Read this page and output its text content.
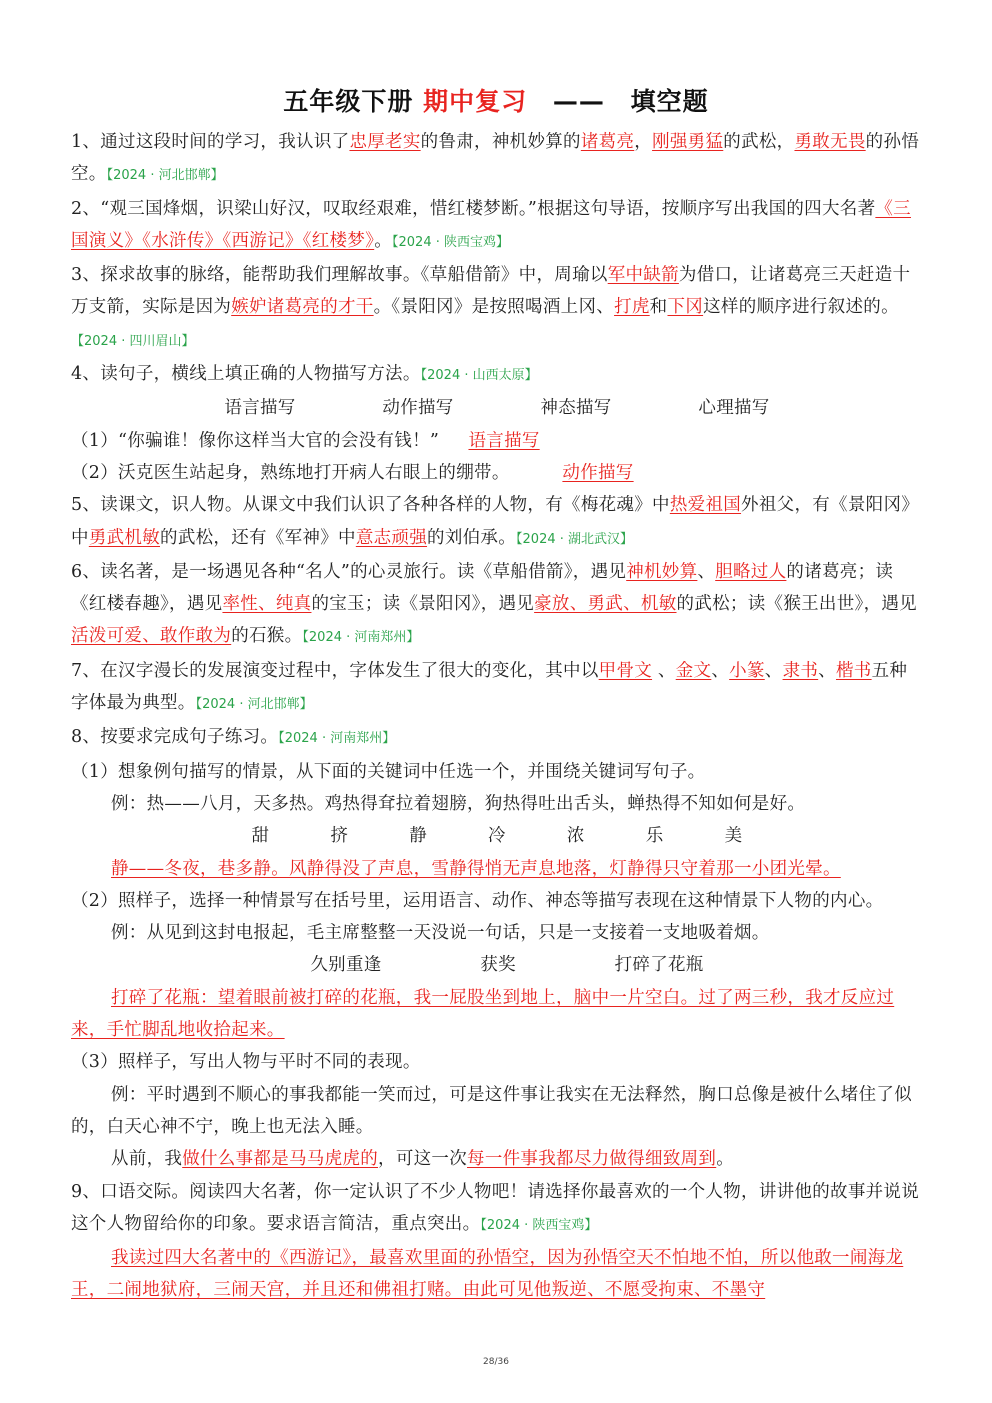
五年级下册 期中复习 —— 填空题

1、通过这段时间的学习，我认识了忠厚老实的鲁肃，神机妙算的诸葛亮，刚强勇猛的武松，勇敢无畏的孙悟空。【2024 · 河北邯郸】

2、“观三国烽烟，识梁山好汉，叹取经艰难，惜红楼梦断。”根据这句导语，按顺序写出我国的四大名著《三国演义》《水浒传》《西游记》《红楼梦》。【2024 · 陕西宝鸡】

3、探求故事的脉络，能帮助我们理解故事。《草船借箭》中，周瑜以军中缺箭为借口，让诸葛亮三天赶造十万支箭，实际是因为嫉妒诸葛亮的才干。《景阳冈》是按照喝酒上冈、打虎和下冈这样的顺序进行叙述的。【2024 · 四川眉山】

4、读句子，横线上填正确的人物描写方法。【2024 · 山西太原】

语言描写	动作描写	神态描写	心理描写

（1）“你骗谁！像你这样当大官的会没有钱！” 语言描写

（2）沃克医生站起身，熟练地打开病人右眼上的绷带。	动作描写

5、读课文，识人物。从课文中我们认识了各种各样的人物，有《梅花魂》中热爱祖国外祖父，有《景阳冈》中勇武机敏的武松，还有《军神》中意志顽强的刘伯承。【2024 · 湖北武汉】

6、读名著，是一场遇见各种“名人”的心灵旅行。读《草船借箭》，遇见神机妙算、胆略过人的诸葛亮；读《红楼春趣》，遇见率性、纯真的宝玉；读《景阳冈》，遇见豪放、勇武、机敏的武松；读《猴王出世》，遇见活泼可爱、敢作敢为的石猴。【2024 · 河南郑州】

7、在汉字漫长的发展演变过程中，字体发生了很大的变化，其中以甲骨文 、金文、小篆、隶书、楷书五种字体最为典型。【2024 · 河北邯郸】

8、按要求完成句子练习。【2024 · 河南郑州】

（1）想象例句描写的情景，从下面的关键词中任选一个，并围绕关键词写句子。

例：热——八月，天多热。鸡热得耷拉着翅膀，狗热得吐出舌头，蝉热得不知如何是好。

甜	挤	静	冷	浓	乐	美

静——冬夜，巷多静。风静得没了声息，雪静得悄无声息地落，灯静得只守着那一小团光晕。

（2）照样子，选择一种情景写在括号里，运用语言、动作、神态等描写表现在这种情景下人物的内心。

例：从见到这封电报起，毛主席整整一天没说一句话，只是一支接着一支地吸着烟。

久别重逢	获奖	打碎了花瓶

打碎了花瓶：望着眼前被打碎的花瓶，我一屁股坐到地上，脑中一片空白。过了两三秒，我才反应过来，手忙脚乱地收拾起来。

（3）照样子，写出人物与平时不同的表现。

例：平时遇到不顺心的事我都能一笑而过，可是这件事让我实在无法释然，胸口总像是被什么堵住了似的，白天心神不宁，晚上也无法入睡。

从前，我做什么事都是马马虎虎的，可这一次每一件事我都尽力做得细致周到。

9、口语交际。阅读四大名著，你一定认识了不少人物吧！请选择你最喜欢的一个人物，讲讲他的故事并说说这个人物留给你的印象。要求语言简洁，重点突出。【2024 · 陕西宝鸡】

我读过四大名著中的《西游记》，最喜欢里面的孙悟空，因为孙悟空天不怕地不怕，所以他敢一闹海龙王，二闹地狱府，三闹天宫，并且还和佛祖打赌。由此可见他叛逆、不愿受拘束、不墨守

28/36
